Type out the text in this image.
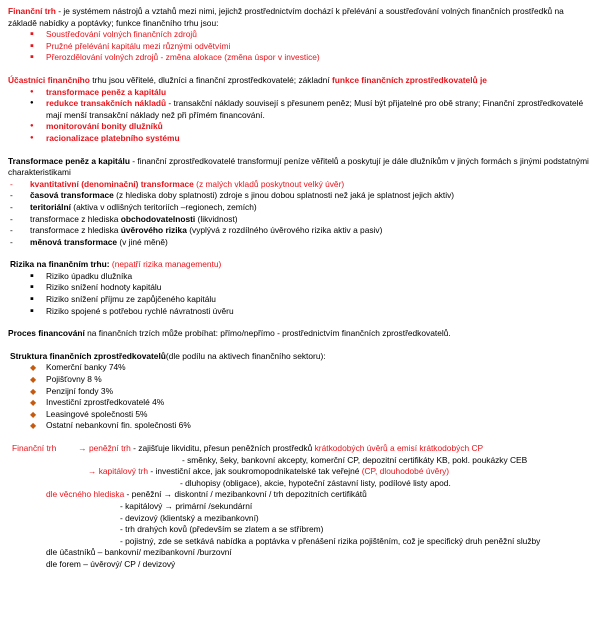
Finanční trh - je systémem nástrojů a vztahů mezi nimi, jejichž prostřednictvím dochází k přelévání a soustřeďování volných finančních prostředků na základě nabídky a poptávky; funkce finančního trhu jsou:

▪ Soustřeďování volných finančních zdrojů
▪ Pružné přelévání kapitálu mezi různými odvětvími
▪ Přerozdělování volných zdrojů - změna alokace (změna úspor v investice)

Účastníci finančního trhu jsou věřitelé, dlužníci a finanční zprostředkovatelé; základní funkce finančních zprostředkovatelů je

● transformace peněz a kapitálu
● redukce transakčních nákladů - transakční náklady souvisejí s přesunem peněz; Musí být přijatelné pro obě strany; Finanční zprostředkovatelé mají menší transakční náklady než při přímém financování.
● monitorování bonity dlužníků
● racionalizace platebního systému

Transformace peněz a kapitálu - finanční zprostředkovatelé transformují peníze věřitelů a poskytují je dále dlužníkům v jiných formách s jinými podstatnými charakteristikami

- kvantitativní (denominační) transformace (z malých vkladů poskytnout velký úvěr)
- časová transformace (z hlediska doby splatnosti) zdroje s jinou dobou splatnosti než jaká je splatnost jejich aktiv)
- teritoriální (aktiva v odlišných teritoriích –regionech, zemích)
- transformace z hlediska obchodovatelnosti (likvidnost)
- transformace z hlediska úvěrového rizika (vyplývá z rozdílného úvěrového rizika aktiv a pasiv)
- měnová transformace (v jiné měně)

Rizika na finančním trhu: (nepatří rizika managementu)

▪ Riziko úpadku dlužníka
▪ Riziko snížení hodnoty kapitálu
▪ Riziko snížení příjmu ze zapůjčeného kapitálu
▪ Riziko spojené s potřebou rychlé návratnosti úvěru

Proces financování na finančních trzích může probíhat: přímo/nepřímo - prostřednictvím finančních zprostředkovatelů.

Struktura finančních zprostředkovatelů(dle podílu na aktivech finančního sektoru):

◆ Komerční banky 74%
◆ Pojišťovny 8 %
◆ Penzijní fondy 3%
◆ Investiční zprostředkovatelé 4%
◆ Leasingové společnosti 5%
◆ Ostatní nebankovní fin. společnosti 6%

Finanční trh	→ peněžní trh - zajišťuje likviditu, přesun peněžních prostředků krátkodobých úvěrů a emisí krátkodobých CP

- směnky, šeky, bankovní akcepty, komerční CP, depozitní certifikáty KB, pokl. poukázky CEB

→ kapitálový trh - investiční akce, jak soukromopodnikatelské tak veřejné (CP, dlouhodobé úvěry)

- dluhopisy (obligace), akcie, hypoteční zástavní listy, podílové listy apod.

dle věcného hlediska - peněžní → diskontní / mezibankovní / trh depozitních certifikátů

- kapitálový → primární /sekundární

- devizový (klientský a mezibankovní)

- trh drahých kovů (především se zlatem a se stříbrem)

- pojistný, zde se setkává nabídka a poptávka v přenášení rizika pojištěním, což je specifický druh peněžní služby

dle účastníků – bankovní/ mezibankovní /burzovní

dle forem – úvěrový/ CP / devizový
